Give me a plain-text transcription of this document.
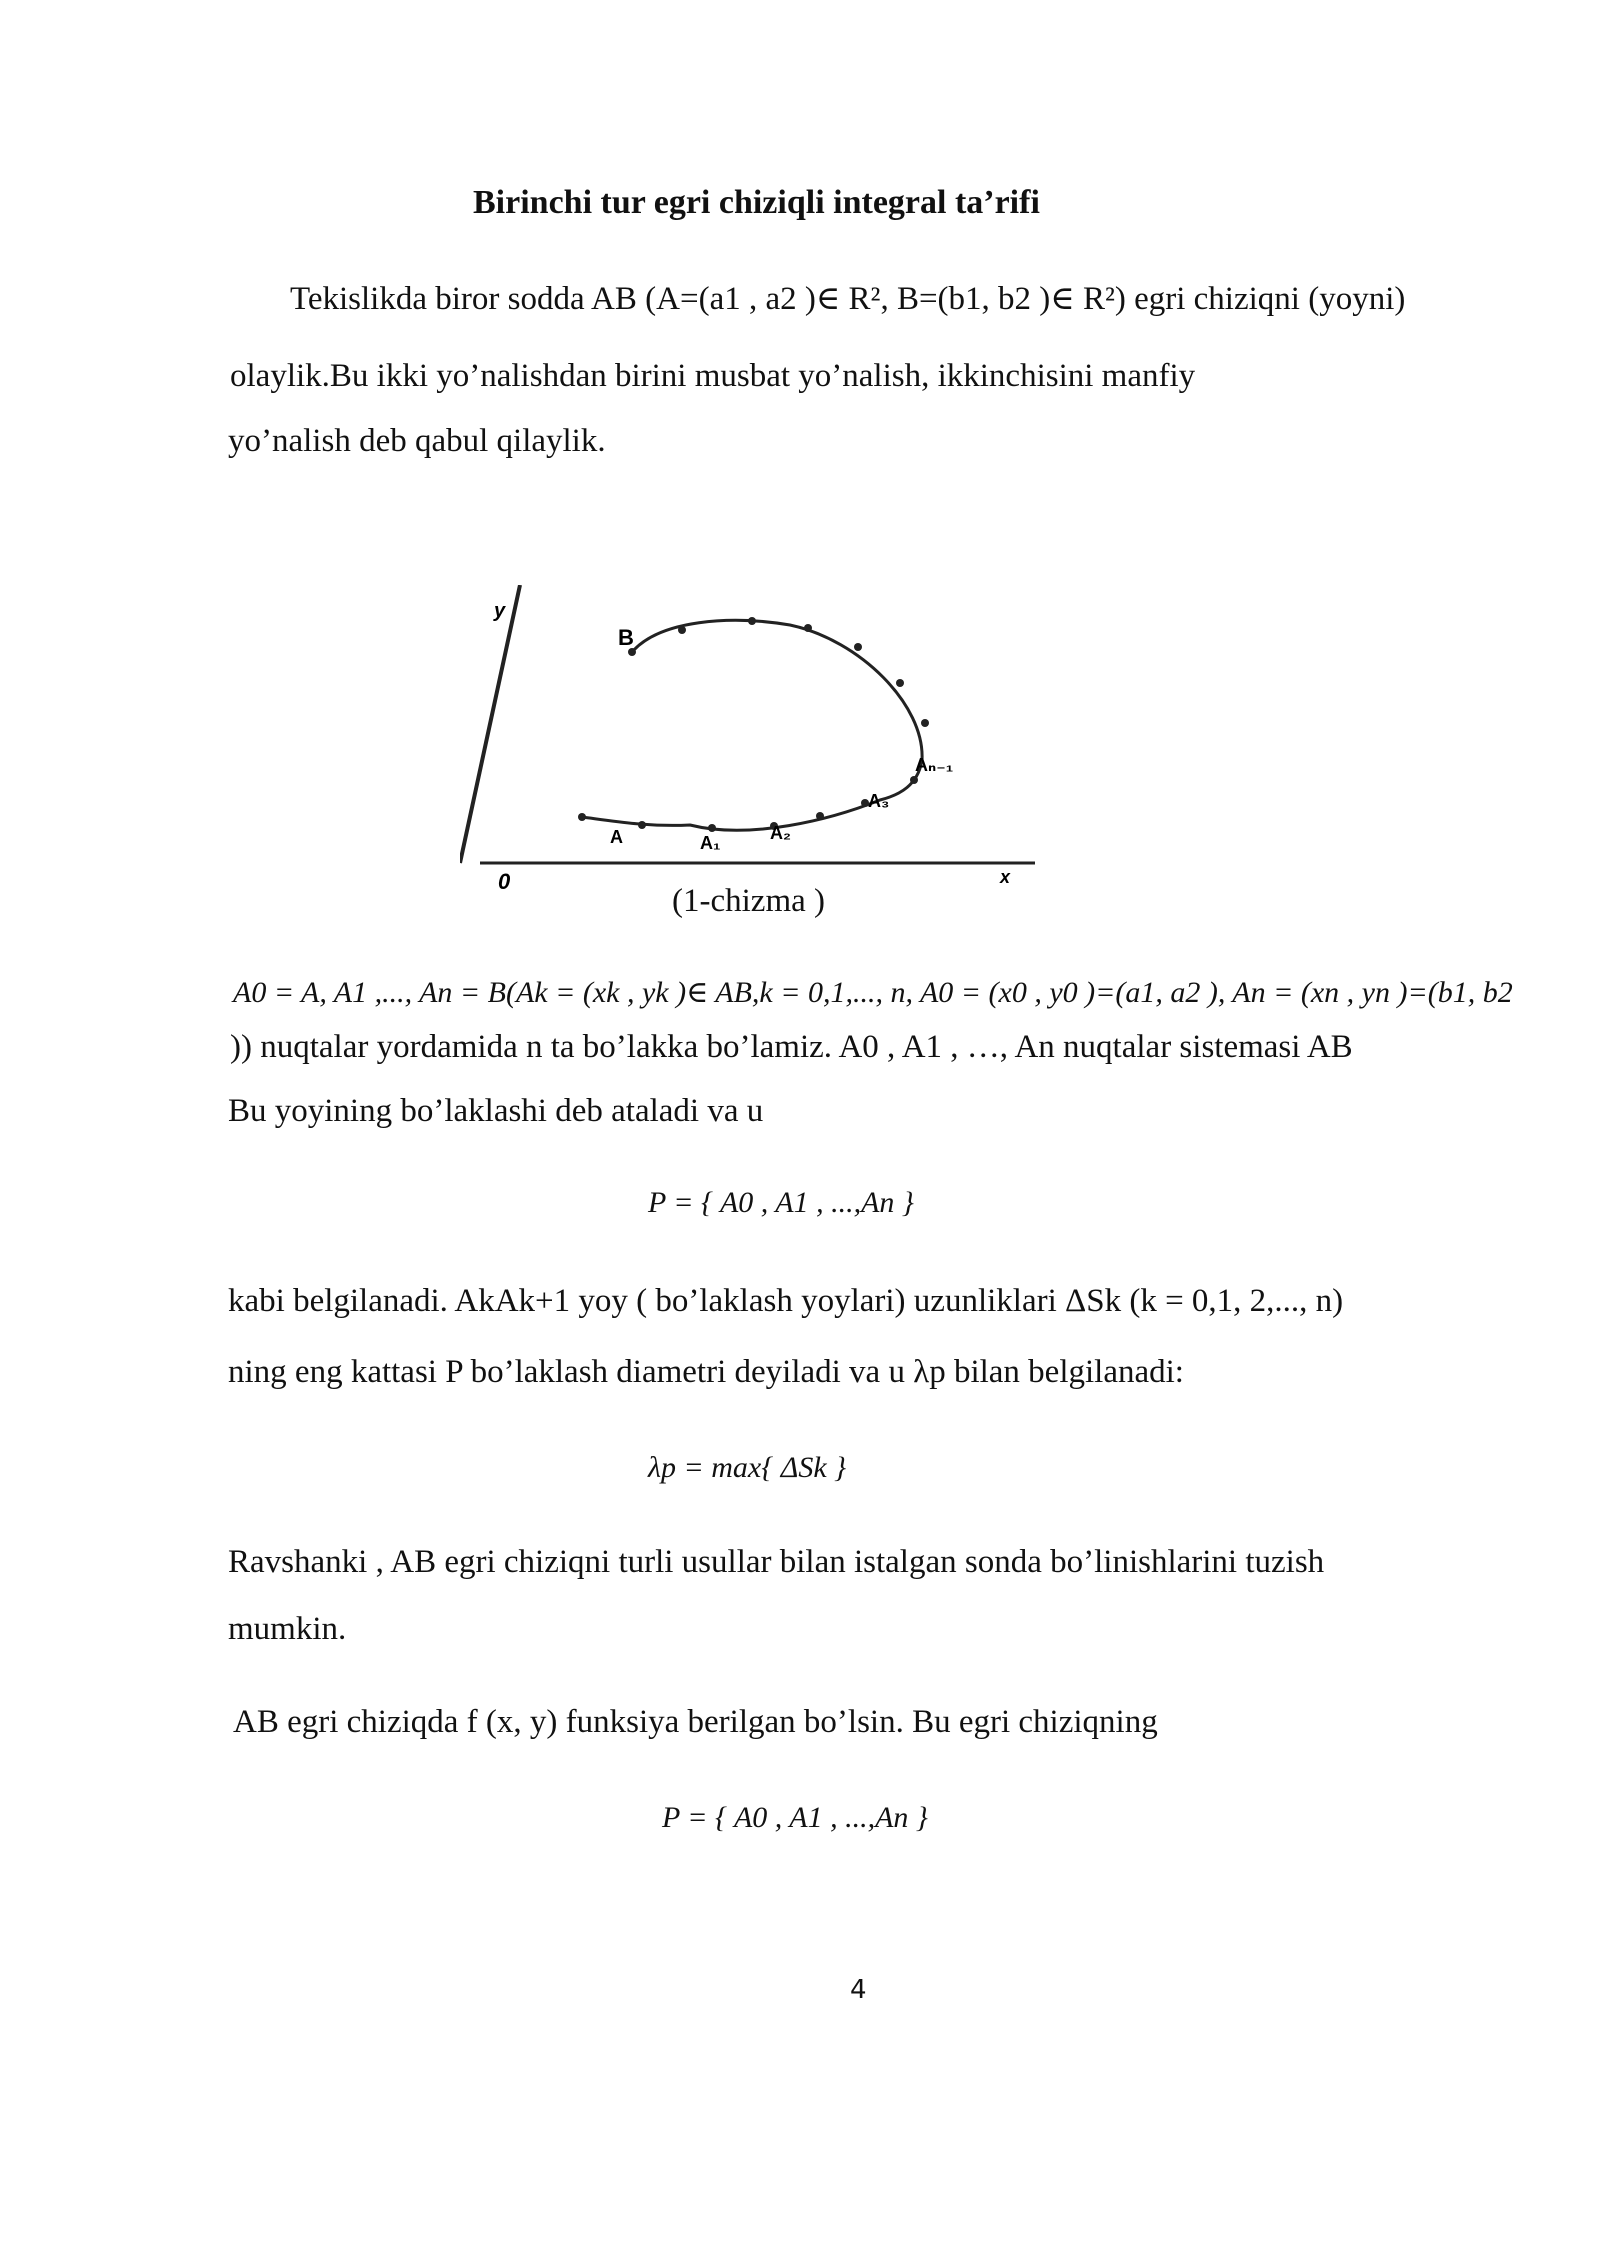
Birinchi tur egri chiziqli integral ta’rifi
Tekislikda biror sodda AB (A=(a1 , a2 )∈ R², B=(b1, b2 )∈ R²) egri chiziqni (yoyni)
olaylik.Bu ikki yo’nalishdan birini musbat yo’nalish, ikkinchisini manfiy
yo’nalish deb qabul qilaylik.
y
x
0
B
A	A₁	A₂
A₃
Aₙ₋₁
(1-chizma )
A0 = A, A1 ,..., An = B(Ak = (xk , yk )∈ AB,k = 0,1,..., n, A0 = (x0 , y0 )=(a1, a2 ), An = (xn , yn )=(b1, b2
)) nuqtalar yordamida n ta bo’lakka bo’lamiz. A0 , A1 , …, An nuqtalar sistemasi AB
Bu yoyining bo’laklashi deb ataladi va u
P = { A0 , A1 , ...,An }
kabi belgilanadi. AkAk+1 yoy ( bo’laklash yoylari) uzunliklari ΔSk (k = 0,1, 2,..., n)
ning eng kattasi P bo’laklash diametri deyiladi va u λp bilan belgilanadi:
λp = max{ ΔSk }
Ravshanki , AB egri chiziqni turli usullar bilan istalgan sonda bo’linishlarini tuzish
mumkin.
AB egri chiziqda f (x, y) funksiya berilgan bo’lsin. Bu egri chiziqning
P = { A0 , A1 , ...,An }
4
